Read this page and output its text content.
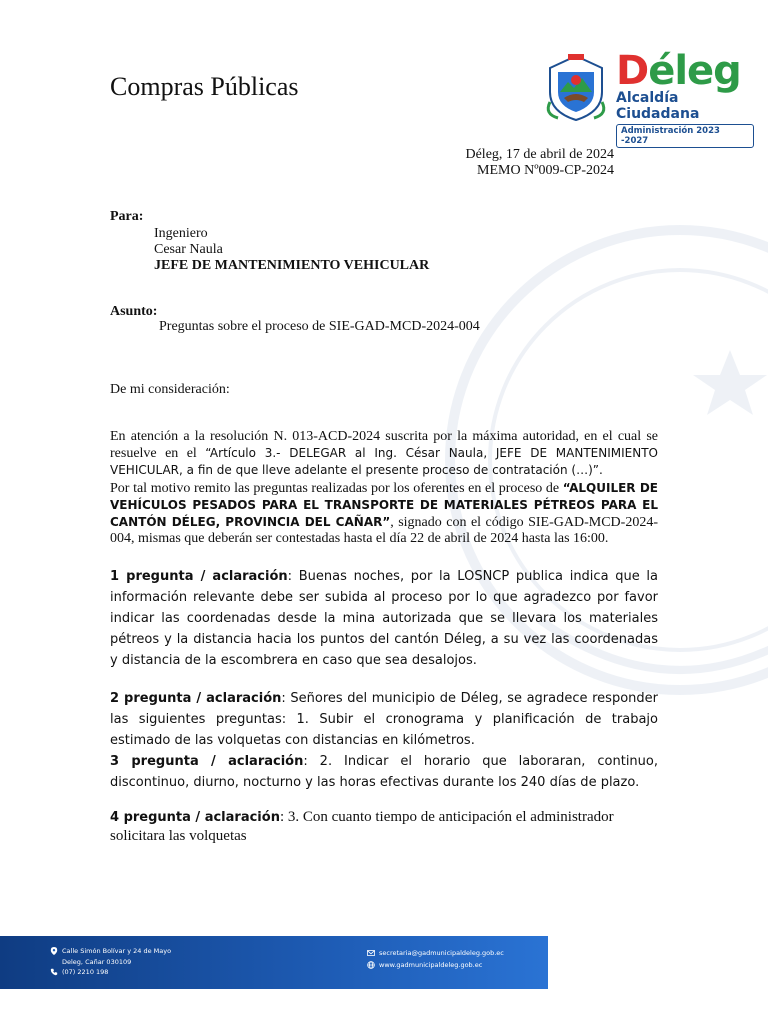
Compras Públicas	Déleg
Alcaldía Ciudadana
Administración 2023 -2027
Déleg, 17 de abril de 2024
MEMO Nº009-CP-2024
Para:
Ingeniero
Cesar Naula
JEFE DE MANTENIMIENTO VEHICULAR
Asunto:
Preguntas sobre el proceso de SIE-GAD-MCD-2024-004
De mi consideración:
En atención a la resolución N. 013-ACD-2024 suscrita por la máxima autoridad, en el cual se resuelve en el “Artículo 3.- DELEGAR al Ing. César Naula, JEFE DE MANTENIMIENTO VEHICULAR, a fin de que lleve adelante el presente proceso de contratación (…)”.
Por tal motivo remito las preguntas realizadas por los oferentes en el proceso de “ALQUILER DE VEHÍCULOS PESADOS PARA EL TRANSPORTE DE MATERIALES PÉTREOS PARA EL CANTÓN DÉLEG, PROVINCIA DEL CAÑAR”, signado con el código SIE-GAD-MCD-2024-004, mismas que deberán ser contestadas hasta el día 22 de abril de 2024 hasta las 16:00.
1 pregunta / aclaración: Buenas noches, por la LOSNCP publica indica que la información relevante debe ser subida al proceso por lo que agradezco por favor indicar las coordenadas desde la mina autorizada que se llevara los materiales pétreos y la distancia hacia los puntos del cantón Déleg, a su vez las coordenadas y distancia de la escombrera en caso que sea desalojos.
2 pregunta / aclaración: Señores del municipio de Déleg, se agradece responder las siguientes preguntas: 1. Subir el cronograma y planificación de trabajo estimado de las volquetas con distancias en kilómetros.
3 pregunta / aclaración: 2. Indicar el horario que laboraran, continuo, discontinuo, diurno, nocturno y las horas efectivas durante los 240 días de plazo.
4 pregunta / aclaración: 3. Con cuanto tiempo de anticipación el administrador solicitara las volquetas
Calle Simón Bolívar y 24 de Mayo
Deleg, Cañar 030109
(07) 2210 198
secretaria@gadmunicipaldeleg.gob.ec
www.gadmunicipaldeleg.gob.ec
